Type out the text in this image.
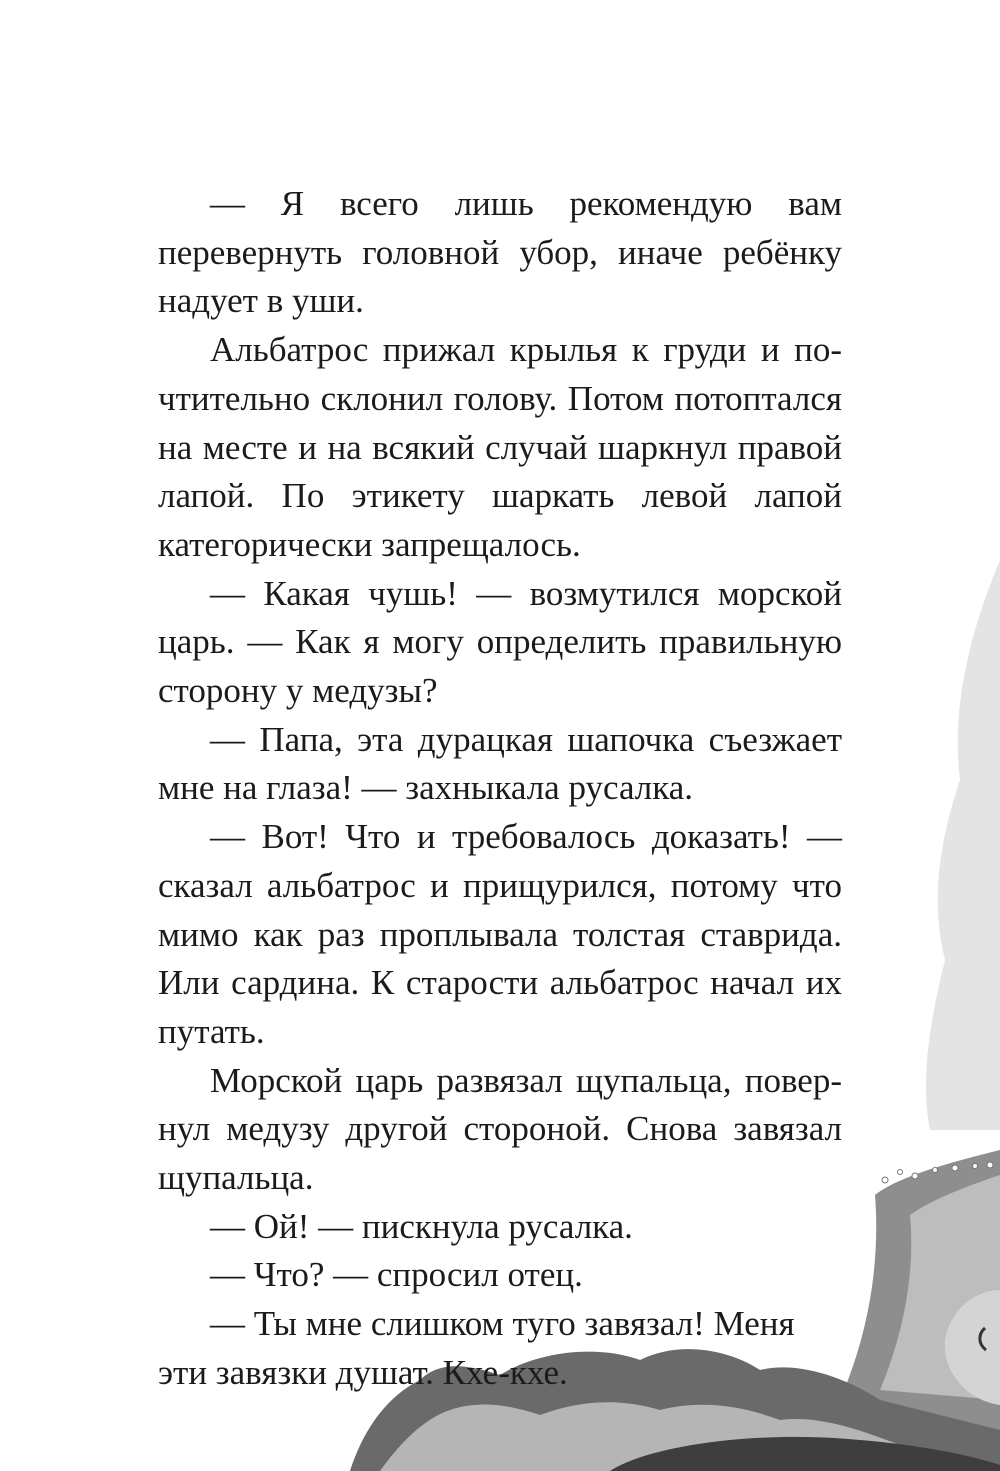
— Я всего лишь рекомендую вам перевернуть головной убор, иначе ребёнку надует в уши.

Альбатрос прижал крылья к груди и почтительно склонил голову. Потом потоптался на месте и на всякий случай шаркнул правой лапой. По этикету шаркать левой лапой категорически запрещалось.

— Какая чушь! — возмутился морской царь. — Как я могу определить правильную сторону у медузы?

— Папа, эта дурацкая шапочка съезжает мне на глаза! — захныкала русалка.

— Вот! Что и требовалось доказать! — сказал альбатрос и прищурился, потому что мимо как раз проплывала толстая ставрида. Или сардина. К старости альбатрос начал их путать.

Морской царь развязал щупальца, повернул медузу другой стороной. Снова завязал щупальца.

— Ой! — пискнула русалка.

— Что? — спросил отец.

— Ты мне слишком туго завязал! Меня эти завязки душат. Кхе-кхе.
